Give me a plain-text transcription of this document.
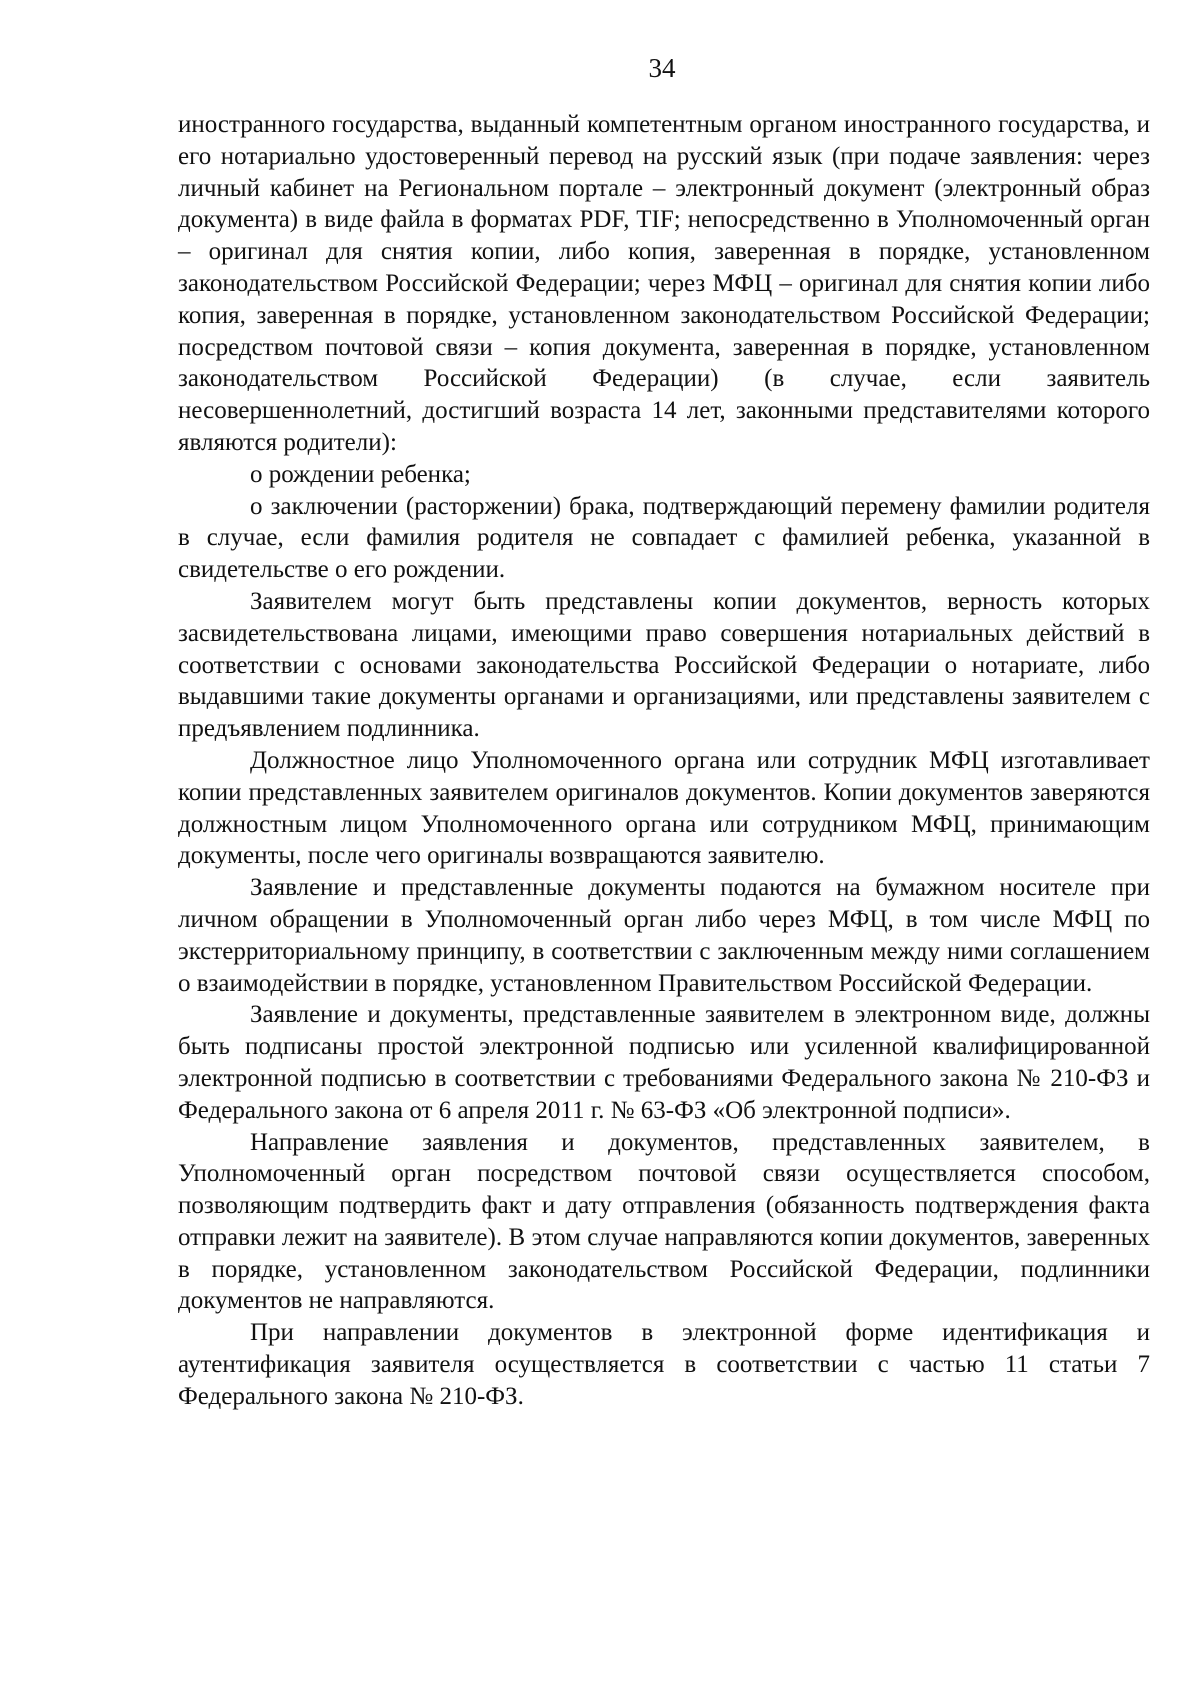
34

иностранного государства, выданный компетентным органом иностранного государства, и его нотариально удостоверенный перевод на русский язык (при подаче заявления: через личный кабинет на Региональном портале – электронный документ (электронный образ документа) в виде файла в форматах PDF, TIF; непосредственно в Уполномоченный орган – оригинал для снятия копии, либо копия, заверенная в порядке, установленном законодательством Российской Федерации; через МФЦ – оригинал для снятия копии либо копия, заверенная в порядке, установленном законодательством Российской Федерации; посредством почтовой связи – копия документа, заверенная в порядке, установленном законодательством Российской Федерации) (в случае, если заявитель несовершеннолетний, достигший возраста 14 лет, законными представителями которого являются родители):

о рождении ребенка;

о заключении (расторжении) брака, подтверждающий перемену фамилии родителя в случае, если фамилия родителя не совпадает с фамилией ребенка, указанной в свидетельстве о его рождении.

Заявителем могут быть представлены копии документов, верность которых засвидетельствована лицами, имеющими право совершения нотариальных действий в соответствии с основами законодательства Российской Федерации о нотариате, либо выдавшими такие документы органами и организациями, или представлены заявителем с предъявлением подлинника.

Должностное лицо Уполномоченного органа или сотрудник МФЦ изготавливает копии представленных заявителем оригиналов документов. Копии документов заверяются должностным лицом Уполномоченного органа или сотрудником МФЦ, принимающим документы, после чего оригиналы возвращаются заявителю.

Заявление и представленные документы подаются на бумажном носителе при личном обращении в Уполномоченный орган либо через МФЦ, в том числе МФЦ по экстерриториальному принципу, в соответствии с заключенным между ними соглашением о взаимодействии в порядке, установленном Правительством Российской Федерации.

Заявление и документы, представленные заявителем в электронном виде, должны быть подписаны простой электронной подписью или усиленной квалифицированной электронной подписью в соответствии с требованиями Федерального закона № 210-ФЗ и Федерального закона от 6 апреля 2011 г. № 63-ФЗ «Об электронной подписи».

Направление заявления и документов, представленных заявителем, в Уполномоченный орган посредством почтовой связи осуществляется способом, позволяющим подтвердить факт и дату отправления (обязанность подтверждения факта отправки лежит на заявителе). В этом случае направляются копии документов, заверенных в порядке, установленном законодательством Российской Федерации, подлинники документов не направляются.

При направлении документов в электронной форме идентификация и аутентификация заявителя осуществляется в соответствии с частью 11 статьи 7 Федерального закона № 210-ФЗ.
